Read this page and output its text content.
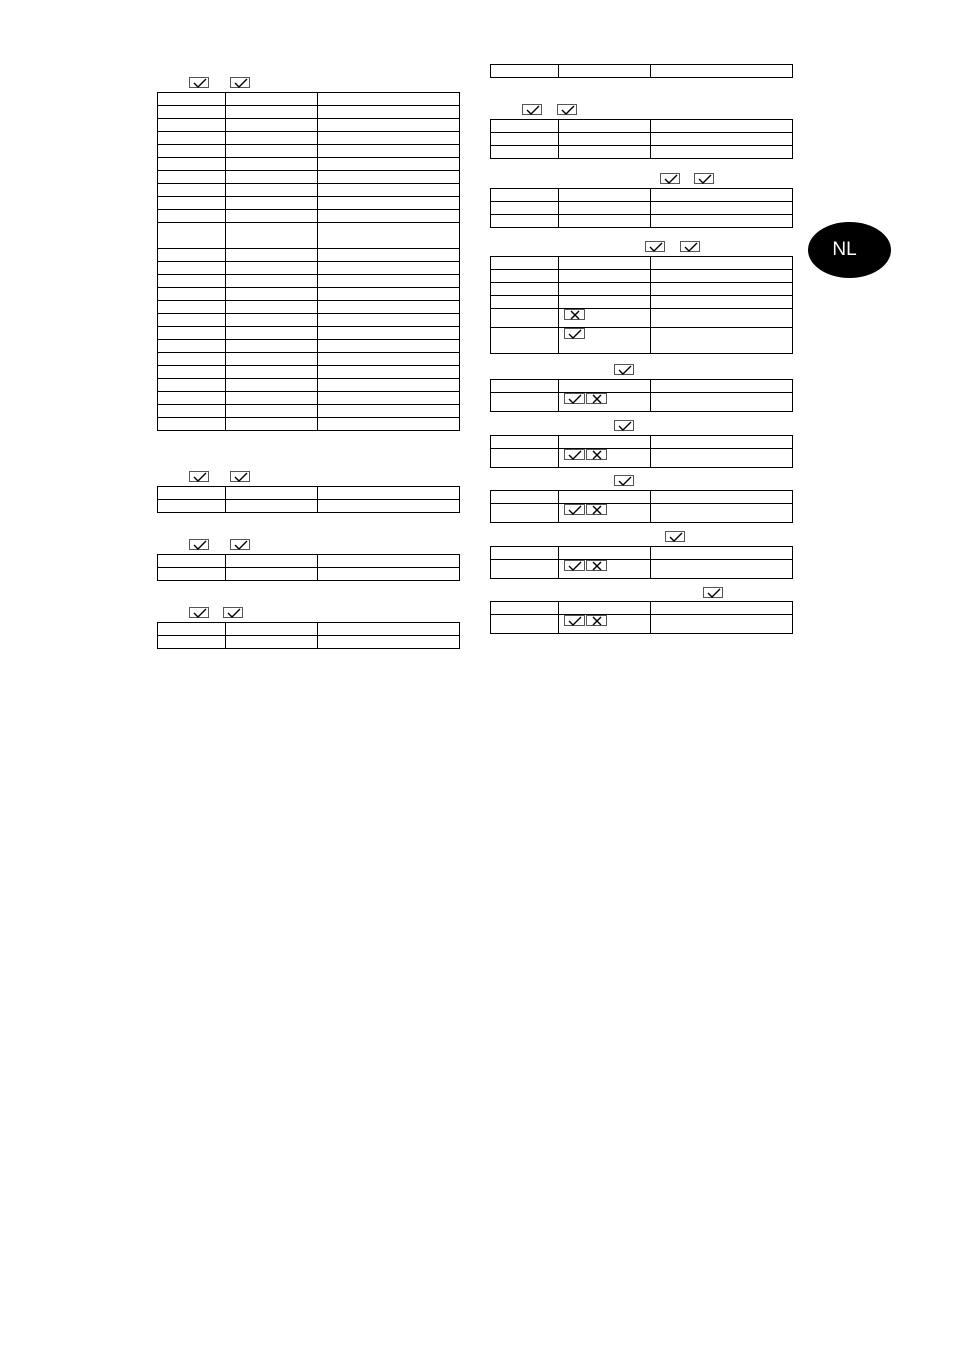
NL
